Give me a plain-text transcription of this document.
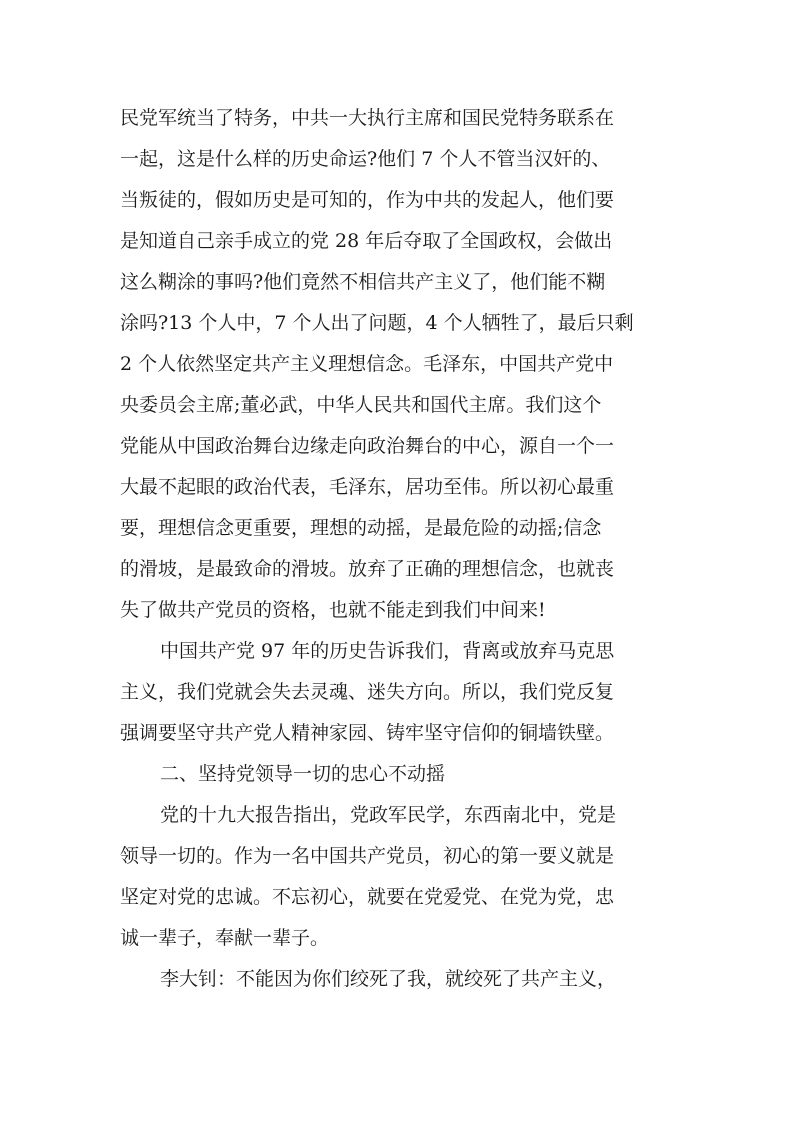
民党军统当了特务，中共一大执行主席和国民党特务联系在
一起，这是什么样的历史命运?他们 7 个人不管当汉奸的、
当叛徒的，假如历史是可知的，作为中共的发起人，他们要
是知道自己亲手成立的党 28 年后夺取了全国政权，会做出
这么糊涂的事吗?他们竟然不相信共产主义了，他们能不糊
涂吗?13 个人中，7 个人出了问题，4 个人牺牲了，最后只剩
2 个人依然坚定共产主义理想信念。毛泽东，中国共产党中
央委员会主席;董必武，中华人民共和国代主席。我们这个
党能从中国政治舞台边缘走向政治舞台的中心，源自一个一
大最不起眼的政治代表，毛泽东，居功至伟。所以初心最重
要，理想信念更重要，理想的动摇，是最危险的动摇;信念
的滑坡，是最致命的滑坡。放弃了正确的理想信念，也就丧
失了做共产党员的资格，也就不能走到我们中间来!
中国共产党 97 年的历史告诉我们，背离或放弃马克思
主义，我们党就会失去灵魂、迷失方向。所以，我们党反复
强调要坚守共产党人精神家园、铸牢坚守信仰的铜墙铁壁。
二、坚持党领导一切的忠心不动摇
党的十九大报告指出，党政军民学，东西南北中，党是
领导一切的。作为一名中国共产党员，初心的第一要义就是
坚定对党的忠诚。不忘初心，就要在党爱党、在党为党，忠
诚一辈子，奉献一辈子。
李大钊：不能因为你们绞死了我，就绞死了共产主义，
